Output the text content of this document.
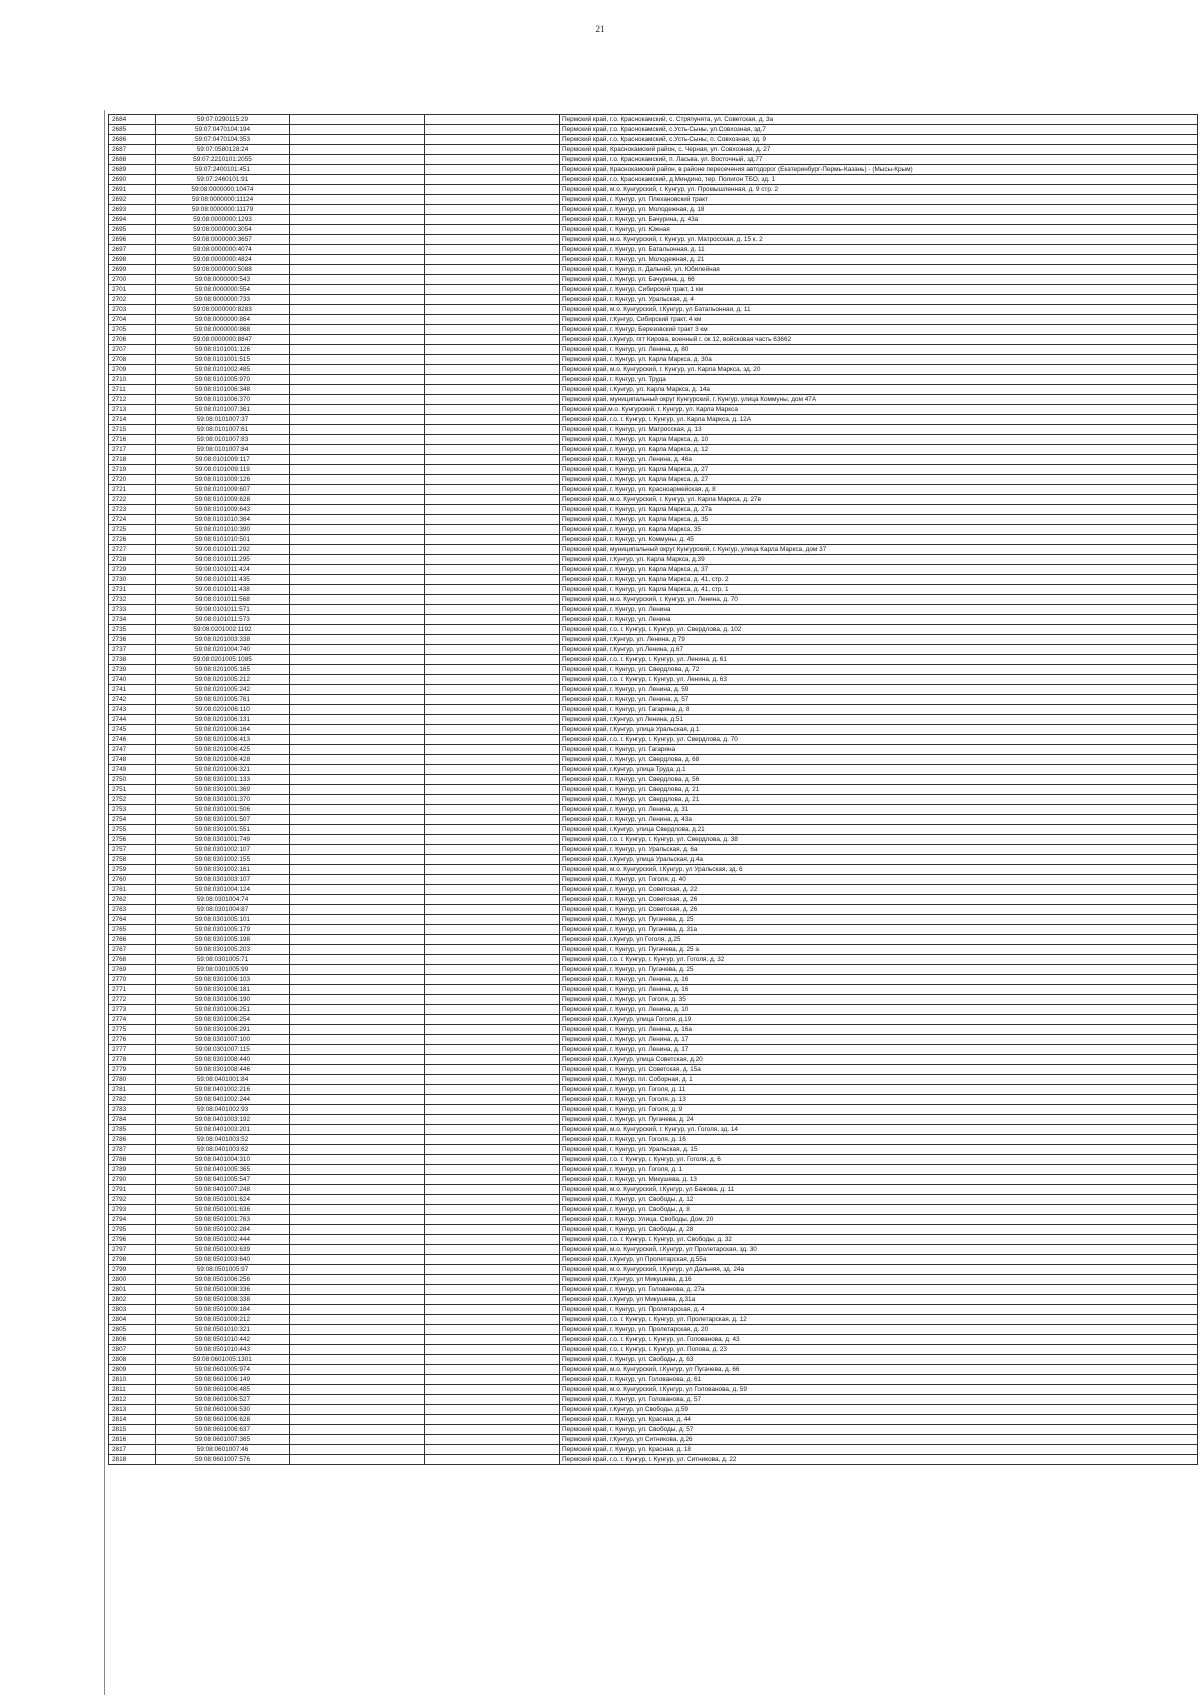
21
2684	59:07:0290115:29			Пермский край, г.о. Краснокамский, с. Стряпунята, ул. Советская, д. 3а
2685	59:07:0470104:194			Пермский край, г.о. Краснокамский, с.Усть-Сыны, ул.Совхозная, зд.7
2686	59:07:0470104:353			Пермский край, г.о. Краснокамский, с.Усть-Сыны, п. Совхозная, зд. 9
2687	59:07:0580128:24			Пермский край, Краснокамский район, с. Черная, ул. Совхозная, д. 27
2688	59:07:2210101:2055			Пермский край, г.о. Краснокамский, п. Ласьва, ул. Восточный, зд.77
2689	59:07:2400101:451			Пермский край, Краснокамский район, в районе пересечения автодорог (Екатеринбург-Пермь-Казань) - (Мысы-Крым)
2690	59:07:2460101:91			Пермский край, г.о. Краснокамский, д.Миндино, тер. Полигон ТБО, зд. 1
2691	59:08:0000000:10474			Пермский край, м.о. Кунгурский, г. Кунгур, ул. Промышленная, д. 9 стр. 2
2692	59:08:0000000:11124			Пермский край, г. Кунгур, ул. Плехановский тракт
2693	59:08:0000000:11179			Пермский край, г. Кунгур, ул. Молодежная, д. 18
2694	59:08:0000000:1293			Пермский край, г. Кунгур, ул. Бачурина, д. 43а
2695	59:08:0000000:3054			Пермский край, г. Кунгур, ул. Южная
2696	59:08:0000000:3657			Пермский край, м.о. Кунгурский, г. Кунгур, ул. Матросская, д. 15 к. 2
2697	59:08:0000000:4074			Пермский край, г. Кунгур, ул. Батальонная, д. 11
2698	59:08:0000000:4824			Пермский край, г. Кунгур, ул. Молодежная, д. 21
2699	59:08:0000000:5088			Пермский край, г. Кунгур, п. Дальний, ул. Юбилейная
2700	59:08:0000000:543			Пермский край, г. Кунгур, ул. Бачурина, д. 66
2701	59:08:0000000:554			Пермский край, г. Кунгур, Сибирский тракт, 1 км
2702	59:08:0000000:733			Пермский край, г. Кунгур, ул. Уральская, д. 4
2703	59:08:0000000:8283			Пермский край, м.о. Кунгурский, г.Кунгур, ул Батальонная, д. 11
2704	59:08:0000000:864			Пермский край, г.Кунгур, Сибирский тракт, 4 км
2705	59:08:0000000:868			Пермский край, г. Кунгур, Березовский тракт 3 км
2706	59:08:0000000:8847			Пермский край, г.Кунгур, пгт Кирова, военный г. ок 12, войсковая часть 63662
2707	59:08:0101001:126			Пермский край, г. Кунгур, ул. Ленина, д. 80
2708	59:08:0101001:515			Пермский край, г. Кунгур, ул. Карла Маркса, д. 30а
2709	59:08:0101002:485			Пермский край, м.о. Кунгурский, г. Кунгур, ул. Карла Маркса, зд. 20
2710	59:08:0101005:970			Пермский край, г. Кунгур, ул. Труда
2711	59:08:0101006:348			Пермский край, г.Кунгур, ул. Карла Маркса, д. 14а
2712	59:08:0101006:370			Пермский край, муниципальный округ Кунгурский, г. Кунгур, улица Коммуны, дом 47А
2713	59:08:0101007:361			Пермский край,м.о. Кунгурский, г. Кунгур, ул. Карла Маркса
2714	59:08:0101007:37			Пермский край, г.о. г. Кунгур, г. Кунгур, ул. Карла Маркса, д. 12А
2715	59:08:0101007:61			Пермский край, г. Кунгур, ул. Матросская, д. 13
2716	59:08:0101007:83			Пермский край, г. Кунгур, ул. Карла Маркса, д. 10
2717	59:08:0101007:84			Пермский край, г. Кунгур, ул. Карла Маркса, д. 12
2718	59:08:0101009:117			Пермский край, г. Кунгур, ул. Ленина, д. 46а
2719	59:08:0101009:119			Пермский край, г. Кунгур, ул. Карла Маркса, д. 27
2720	59:08:0101009:126			Пермский край, г. Кунгур, ул. Карла Маркса, д. 27
2721	59:08:0101009:607			Пермский край, г. Кунгур, ул. Красноармейская, д. 8
2722	59:08:0101009:628			Пермский край, м.о. Кунгурский, г. Кунгур, ул. Карла Маркса, д. 27в
2723	59:08:0101009:643			Пермский край, г. Кунгур, ул. Карла Маркса, д. 27а
2724	59:08:0101010:364			Пермский край, г. Кунгур, ул. Карла Маркса, д. 35
2725	59:08:0101010:390			Пермский край, г. Кунгур, ул. Карла Маркса, 35
2726	59:08:0101010:501			Пермский край, г. Кунгур, ул. Коммуны, д. 45
2727	59:08:0101011:292			Пермский край, муниципальный округ Кунгурский, г. Кунгур, улица Карла Маркса, дом 37
2728	59:08:0101011:295			Пермский край, г.Кунгур, ул. Карла Маркса, д.39
2729	59:08:0101011:424			Пермский край, г. Кунгур, ул. Карла Маркса, д. 37
2730	59:08:0101011:435			Пермский край, г. Кунгур, ул. Карла Маркса, д. 41, стр. 2
2731	59:08:0101011:438			Пермский край, г. Кунгур, ул. Карла Маркса, д. 41, стр. 1
2732	59:08:0101011:568			Пермский край, м.о. Кунгурский, г. Кунгур, ул. Ленина, д. 70
2733	59:08:0101011:571			Пермский край, г. Кунгур, ул. Ленина
2734	59:08:0101011:573			Пермский край, г. Кунгур, ул. Ленина
2735	59:08:0201002:1192			Пермский край, г.о. г. Кунгур, г. Кунгур, ул. Свердлова, д. 102
2736	59:08:0201003:338			Пермский край, г.Кунгур, ул. Ленина, д 79
2737	59:08:0201004:740			Пермский край, г.Кунгур, ул.Ленина, д.67
2738	59:08:0201005:1085			Пермский край, г.о. г. Кунгур, г. Кунгур, ул. Ленина, д. 61
2739	59:08:0201005:165			Пермский край, г. Кунгур, ул. Свердлова, д. 72
2740	59:08:0201005:212			Пермский край, г.о. г. Кунгур, г. Кунгур, ул. Ленина, д. 63
2741	59:08:0201005:242			Пермский край, г. Кунгур, ул. Ленина, д. 59
2742	59:08:0201005:761			Пермский край, г. Кунгур, ул. Ленина, д. 57
2743	59:08:0201006:110			Пермский край, г. Кунгур, ул. Гагарина, д. 8
2744	59:08:0201006:131			Пермский край, г.Кунгур, ул Ленина, д.51
2745	59:08:0201006:164			Пермский край, г.Кунгур, улица Уральская, д.1
2746	59:08:0201006:413			Пермский край, г.о. г. Кунгур, г. Кунгур, ул. Свердлова, д. 70
2747	59:08:0201006:425			Пермский край, г. Кунгур, ул. Гагарина
2748	59:08:0201006:428			Пермский край, г. Кунгур, ул. Свердлова, д. 68
2749	59:08:0201006:321			Пермский край, г.Кунгур, улица Труда, д.1
2750	59:08:0301001:133			Пермский край, г. Кунгур, ул. Свердлова, д. 56
2751	59:08:0301001:369			Пермский край, г. Кунгур, ул. Свердлова, д. 21
2752	59:08:0301001:370			Пермский край, г. Кунгур, ул. Свердлова, д. 21
2753	59:08:0301001:506			Пермский край, г. Кунгур, ул. Ленина, д. 31
2754	59:08:0301001:507			Пермский край, г. Кунгур, ул. Ленина, д. 43а
2755	59:08:0301001:551			Пермский край, г.Кунгур, улица Свердлова, д.21
2756	59:08:0301001:749			Пермский край, г.о. г. Кунгур, г. Кунгур, ул. Свердлова, д. 38
2757	59:08:0301002:107			Пермский край, г. Кунгур, ул. Уральская, д. 6а
2758	59:08:0301002:155			Пермский край, г.Кунгур, улица Уральская, д.4а
2759	59:08:0301002:161			Пермский край, м.о. Кунгурский, г.Кунгур, ул Уральская, зд. 6
2760	59:08:0301003:107			Пермский край, г. Кунгур, ул. Гоголя, д. 40
2761	59:08:0301004:124			Пермский край, г. Кунгур, ул. Советская, д. 22
2762	59:08:0301004:74			Пермский край, г. Кунгур, ул. Советская, д. 26
2763	59:08:0301004:87			Пермский край, г. Кунгур, ул. Советская, д. 26
2764	59:08:0301005:101			Пермский край, г. Кунгур, ул. Пугачева, д. 25
2765	59:08:0301005:179			Пермский край, г. Кунгур, ул. Пугачева, д. 31а
2766	59:08:0301005:198			Пермский край, г.Кунгур, ул Гоголя, д.25
2767	59:08:0301005:203			Пермский край, г. Кунгур, ул. Пугачева, д. 25 а
2768	59:08:0301005:71			Пермский край, г.о. г. Кунгур, г. Кунгур, ул. Гоголя, д. 32
2769	59:08:0301005:99			Пермский край, г. Кунгур, ул. Пугачева, д. 25
2770	59:08:0301006:103			Пермский край, г. Кунгур, ул. Ленина, д. 16
2771	59:08:0301006:181			Пермский край, г. Кунгур, ул. Ленина, д. 16
2772	59:08:0301006:190			Пермский край, г. Кунгур, ул. Гоголя, д. 35
2773	59:08:0301006:251			Пермский край, г. Кунгур, ул. Ленина, д. 10
2774	59:08:0301006:254			Пермский край, г.Кунгур, улица Гоголя, д.19
2775	59:08:0301006:291			Пермский край, г. Кунгур, ул. Ленина, д. 16а
2776	59:08:0301007:100			Пермский край, г. Кунгур, ул. Ленина, д. 17
2777	59:08:0301007:115			Пермский край, г. Кунгур, ул. Ленина, д. 17
2778	59:08:0301008:440			Пермский край, г.Кунгур, улица Советская, д.20
2779	59:08:0301008:446			Пермский край, г. Кунгур, ул. Советская, д. 15а
2780	59:08:0401001:84			Пермский край, г. Кунгур, пл. Соборная, д. 1
2781	59:08:0401002:216			Пермский край, г. Кунгур, ул. Гоголя, д. 11
2782	59:08:0401002:244			Пермский край, г. Кунгур, ул. Гоголя, д. 13
2783	59:08:0401002:93			Пермский край, г. Кунгур, ул. Гоголя, д. 9
2784	59:08:0401003:192			Пермский край, г. Кунгур, ул. Пугачева, д. 24
2785	59:08:0401003:201			Пермский край, м.о. Кунгурский, г. Кунгур, ул. Гоголя, зд. 14
2786	59:08:0401003:52			Пермский край, г. Кунгур, ул. Гоголя, д. 16
2787	59:08:0401003:62			Пермский край, г. Кунгур, ул. Уральская, д. 15
2788	59:08:0401004:310			Пермский край, г.о. г. Кунгур, г. Кунгур, ул. Гоголя, д. 6
2789	59:08:0401005:365			Пермский край, г. Кунгур, ул. Гоголя, д. 1
2790	59:08:0401005:547			Пермский край, г. Кунгур, ул. Микушева, д. 13
2791	59:08:0401007:248			Пермский край, м.о. Кунгурский, г.Кунгур, ул Бажова, д. 11
2792	59:08:0501001:624			Пермский край, г. Кунгур, ул. Свободы, д. 12
2793	59:08:0501001:636			Пермский край, г. Кунгур, ул. Свободы, д. 8
2794	59:08:0501001:763			Пермский край, г. Кунгур, Улица. Свободы, Дом. 20
2795	59:08:0501002:284			Пермский край, г. Кунгур, ул. Свободы, д. 28
2796	59:08:0501002:444			Пермский край, г.о. г. Кунгур, г. Кунгур, ул. Свободы, д. 32
2797	59:08:0501003:639			Пермский край, м.о. Кунгурский, г.Кунгур, ул Пролетарская, зд. 30
2798	59:08:0501003:640			Пермский край, г.Кунгур, ул Пролетарская, д.55а
2799	59:08:0501005:97			Пермский край, м.о. Кунгурский, г.Кунгур, ул Дальняя, зд. 24а
2800	59:08:0501006:256			Пермский край, г.Кунгур, ул Микушева, д.16
2801	59:08:0501008:336			Пермский край, г. Кунгур, ул. Голованова, д. 27а
2802	59:08:0501008:338			Пермский край, г.Кунгур, ул Микушева, д.31а
2803	59:08:0501009:184			Пермский край, г. Кунгур, ул. Пролетарская, д. 4
2804	59:08:0501009:212			Пермский край, г.о. г. Кунгур, г. Кунгур, ул. Пролетарская, д. 12
2805	59:08:0501010:321			Пермский край, г. Кунгур, ул. Пролетарская, д. 20
2806	59:08:0501010:442			Пермский край, г.о. г. Кунгур, г. Кунгур, ул. Голованова, д. 43
2807	59:08:0501010:443			Пермский край, г.о. г. Кунгур, г. Кунгур, ул. Попова, д. 23
2808	59:08:0601005:1301			Пермский край, г. Кунгур, ул. Свободы, д. 63
2809	59:08:0601005:974			Пермский край, м.о. Кунгурский, г.Кунгур, ул Пугачева, д. 66
2810	59:08:0601006:149			Пермский край, г. Кунгур, ул. Голованова, д. 61
2811	59:08:0601006:485			Пермский край, м.о. Кунгурский, г.Кунгур, ул Голованова, д. 59
2812	59:08:0601006:527			Пермский край, г. Кунгур, ул. Голованова, д. 57
2813	59:08:0601006:530			Пермский край, г.Кунгур, ул Свободы, д.59
2814	59:08:0601006:628			Пермский край, г. Кунгур, ул. Красная, д. 44
2815	59:08:0601006:637			Пермский край, г. Кунгур, ул. Свободы, д. 57
2816	59:08:0601007:365			Пермский край, г.Кунгур, ул Ситникова, д.26
2817	59:08:0601007:46			Пермский край, г. Кунгур, ул. Красная, д. 18
2818	59:08:0601007:576			Пермский край, г.о. г. Кунгур, г. Кунгур, ул. Ситникова, д. 22
